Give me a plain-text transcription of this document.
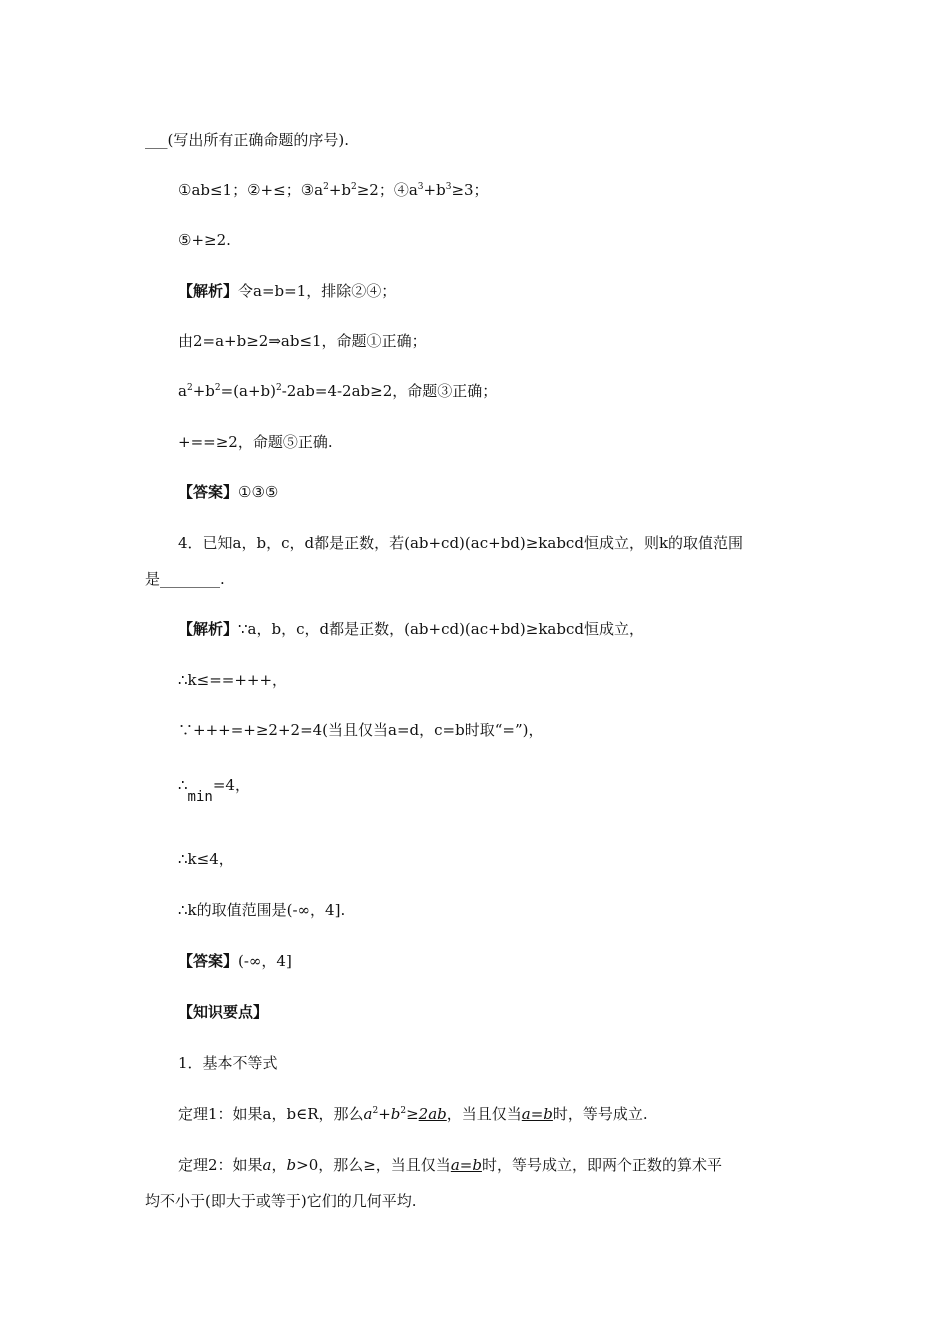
___(写出所有正确命题的序号).
①ab≤1；②+≤；$③a^2+b^2\ge 2$；$④a^3+b^3\ge 3$；
⑤+≥2.
【解析】令a=b=1，排除②④；
由2=a+b≥2⇒ab≤1，命题①正确；
$a^2+b^2=(a+b)^2-2ab=4-2ab\ge 2$，命题③正确；
+==≥2，命题⑤正确.
【答案】①③⑤
4．已知a，b，c，d都是正数，若(ab+cd)(ac+bd)≥kabcd恒成立，则k的取值范围
是________.
【解析】∵a，b，c，d都是正数，(ab+cd)(ac+bd)≥kabcd恒成立，
∴k≤==+++，
∵+++=+≥2+2=4(当且仅当a=d，c=b时取“=”)，
∴min=4，
∴k≤4，
∴k的取值范围是(-∞，4].
【答案】(-∞，4]
【知识要点】
1．基本不等式
定理1：如果a，b∈R，那么$a^2+b^2\ge 2ab$，当且仅当a=b时，等号成立.
定理2：如果a，b>0，那么≥，当且仅当a=b时，等号成立，即两个正数的算术平
均不小于(即大于或等于)它们的几何平均.
